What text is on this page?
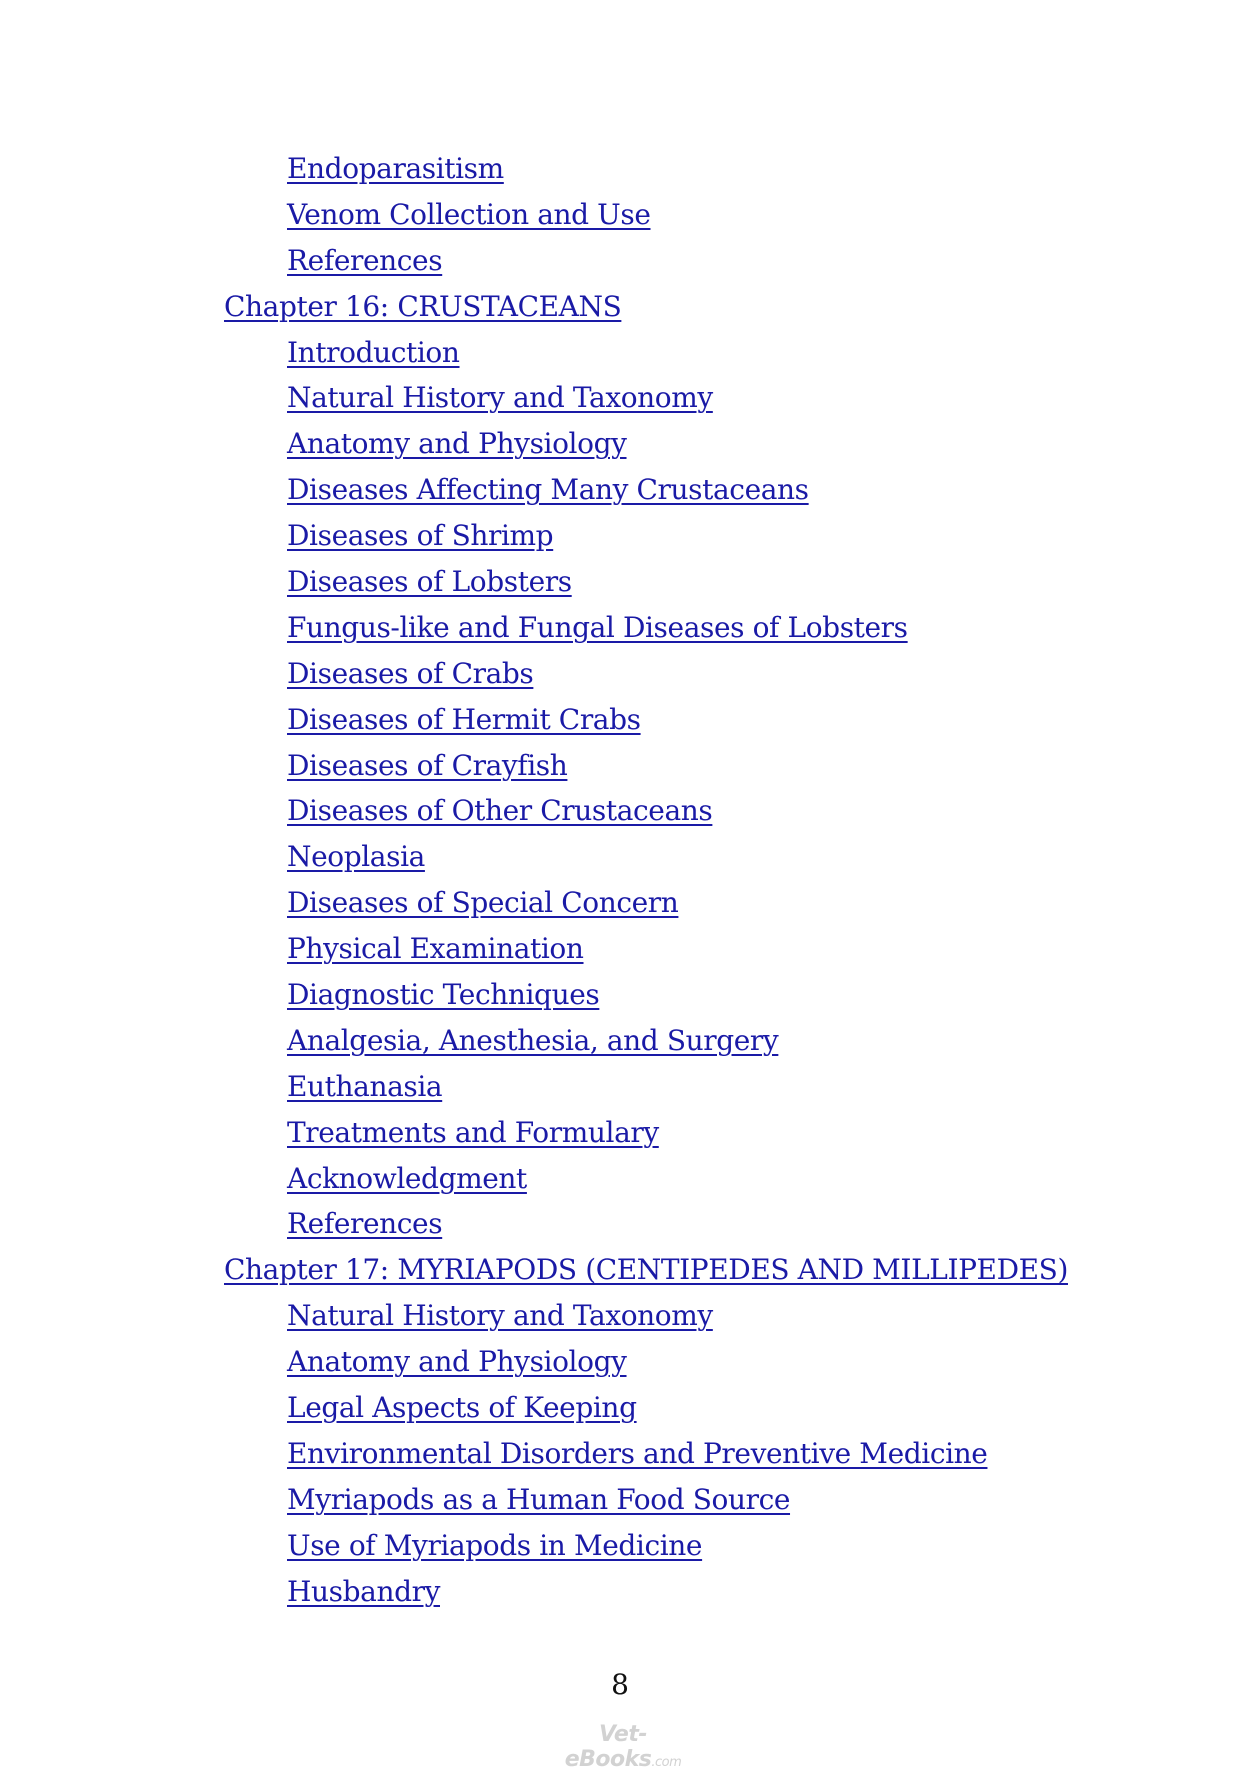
Endoparasitism
Venom Collection and Use
References
Chapter 16: CRUSTACEANS
Introduction
Natural History and Taxonomy
Anatomy and Physiology
Diseases Affecting Many Crustaceans
Diseases of Shrimp
Diseases of Lobsters
Fungus-like and Fungal Diseases of Lobsters
Diseases of Crabs
Diseases of Hermit Crabs
Diseases of Crayfish
Diseases of Other Crustaceans
Neoplasia
Diseases of Special Concern
Physical Examination
Diagnostic Techniques
Analgesia, Anesthesia, and Surgery
Euthanasia
Treatments and Formulary
Acknowledgment
References
Chapter 17: MYRIAPODS (CENTIPEDES AND MILLIPEDES)
Natural History and Taxonomy
Anatomy and Physiology
Legal Aspects of Keeping
Environmental Disorders and Preventive Medicine
Myriapods as a Human Food Source
Use of Myriapods in Medicine
Husbandry
8
Vet-eBooks.com
